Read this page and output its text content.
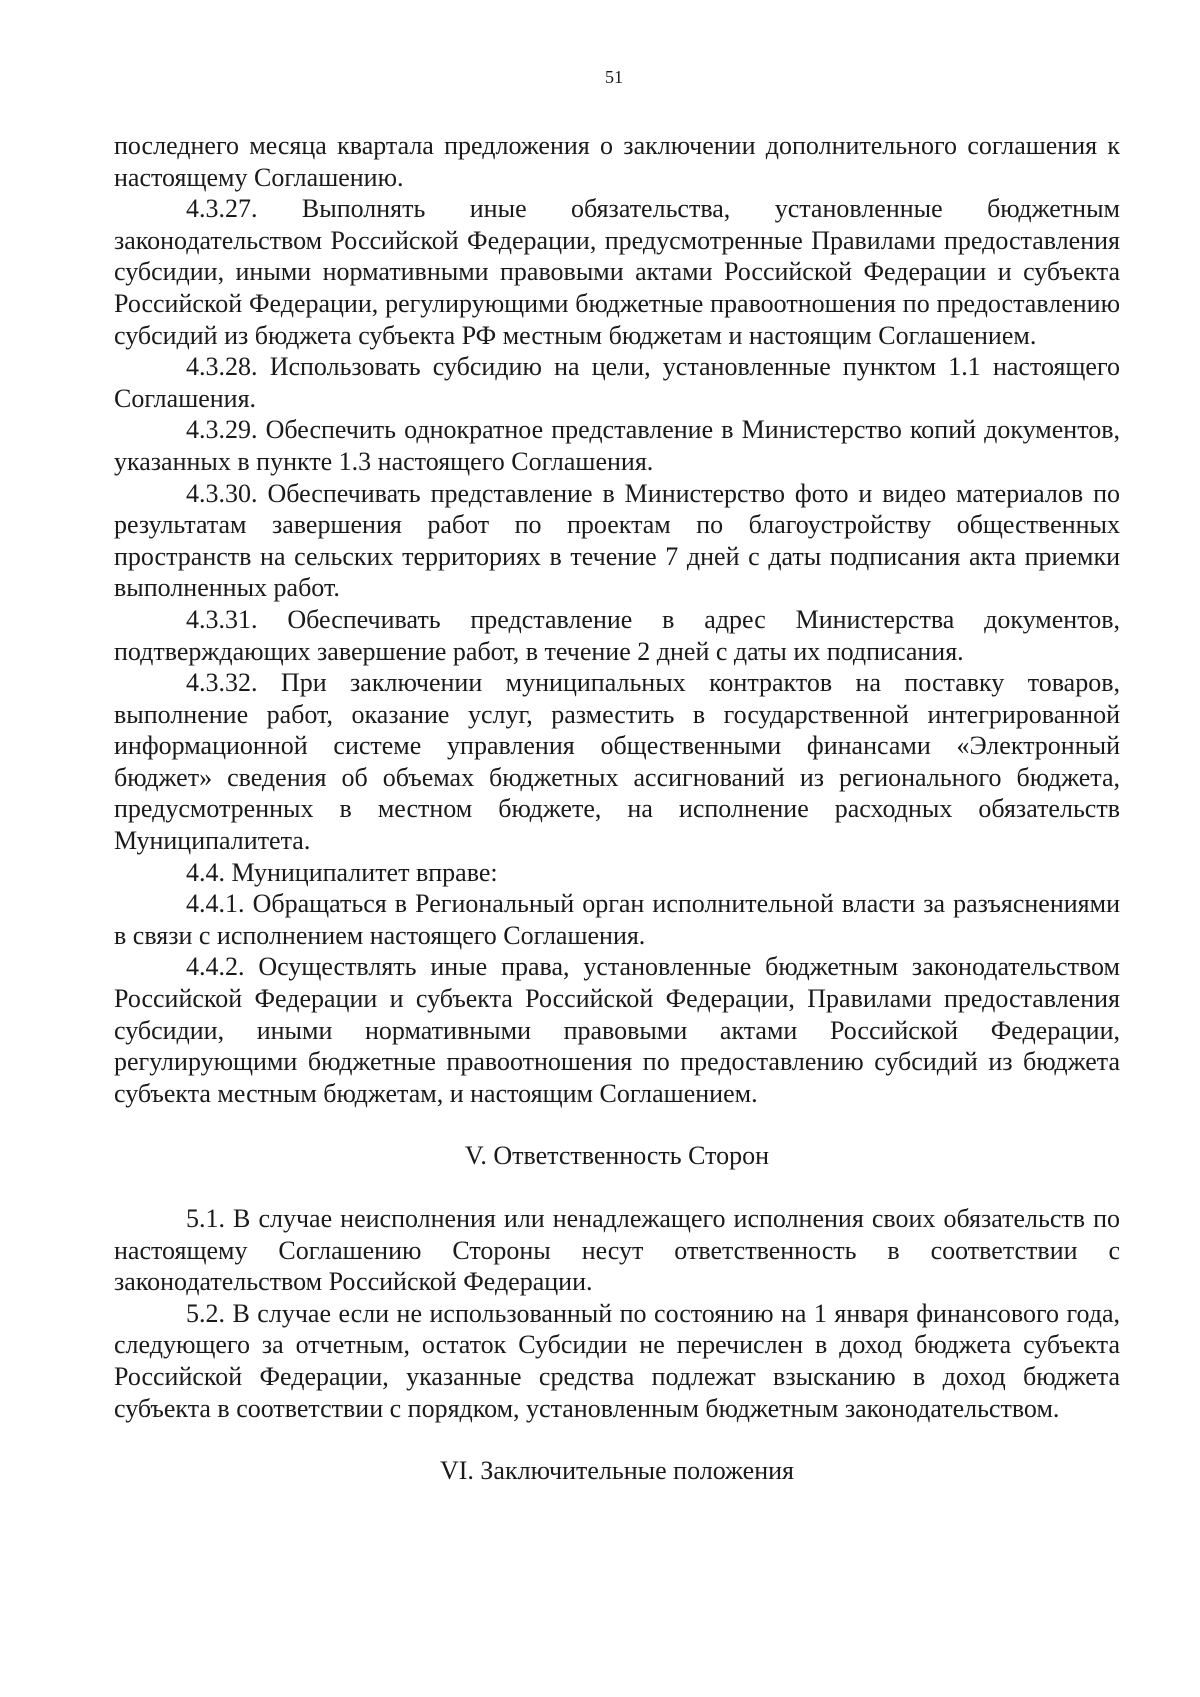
51

последнего месяца квартала предложения о заключении дополнительного соглашения к настоящему Соглашению.

4.3.27. Выполнять иные обязательства, установленные бюджетным законодательством Российской Федерации, предусмотренные Правилами предоставления субсидии, иными нормативными правовыми актами Российской Федерации и субъекта Российской Федерации, регулирующими бюджетные правоотношения по предоставлению субсидий из бюджета субъекта РФ местным бюджетам и настоящим Соглашением.

4.3.28. Использовать субсидию на цели, установленные пунктом 1.1 настоящего Соглашения.

4.3.29. Обеспечить однократное представление в Министерство копий документов, указанных в пункте 1.3 настоящего Соглашения.

4.3.30. Обеспечивать представление в Министерство фото и видео материалов по результатам завершения работ по проектам по благоустройству общественных пространств на сельских территориях в течение 7 дней с даты подписания акта приемки выполненных работ.

4.3.31. Обеспечивать представление в адрес Министерства документов, подтверждающих завершение работ, в течение 2 дней с даты их подписания.

4.3.32. При заключении муниципальных контрактов на поставку товаров, выполнение работ, оказание услуг, разместить в государственной интегрированной информационной системе управления общественными финансами «Электронный бюджет» сведения об объемах бюджетных ассигнований из регионального бюджета, предусмотренных в местном бюджете, на исполнение расходных обязательств Муниципалитета.

4.4. Муниципалитет вправе:

4.4.1. Обращаться в Региональный орган исполнительной власти за разъяснениями в связи с исполнением настоящего Соглашения.

4.4.2. Осуществлять иные права, установленные бюджетным законодательством Российской Федерации и субъекта Российской Федерации, Правилами предоставления субсидии, иными нормативными правовыми актами Российской Федерации, регулирующими бюджетные правоотношения по предоставлению субсидий из бюджета субъекта местным бюджетам, и настоящим Соглашением.

V. Ответственность Сторон

5.1. В случае неисполнения или ненадлежащего исполнения своих обязательств по настоящему Соглашению Стороны несут ответственность в соответствии с законодательством Российской Федерации.

5.2. В случае если не использованный по состоянию на 1 января финансового года, следующего за отчетным, остаток Субсидии не перечислен в доход бюджета субъекта Российской Федерации, указанные средства подлежат взысканию в доход бюджета субъекта в соответствии с порядком, установленным бюджетным законодательством.

VI. Заключительные положения
